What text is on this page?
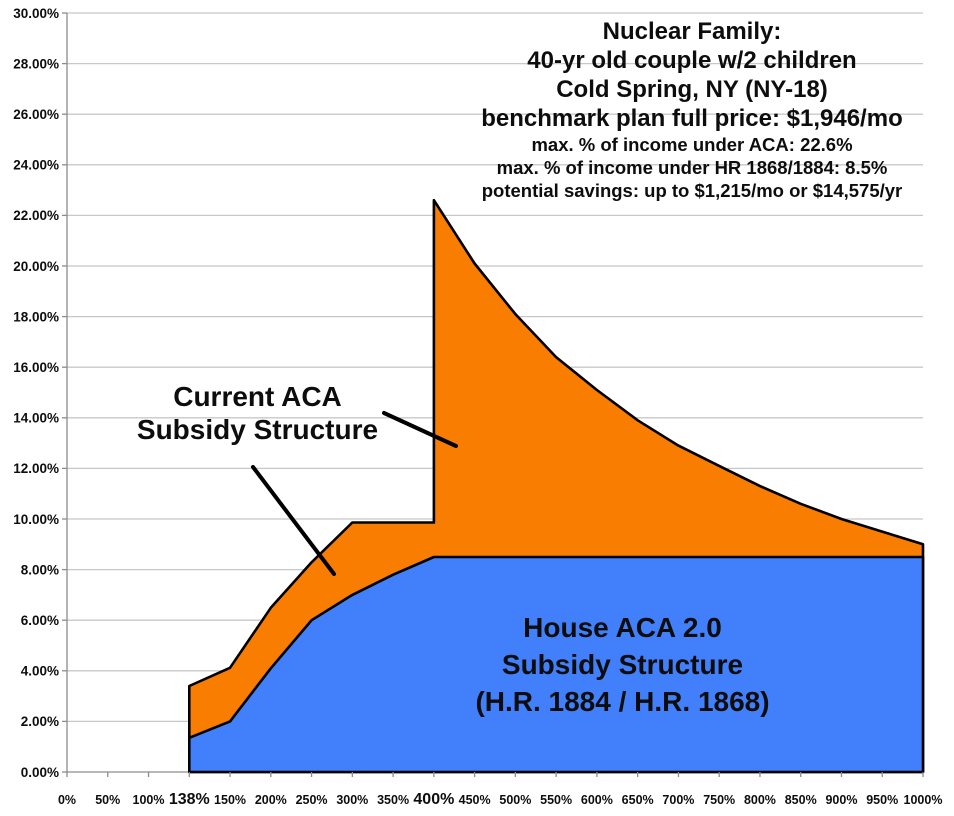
0.00%
2.00%
4.00%
6.00%
8.00%
10.00%
12.00%
14.00%
16.00%
18.00%
20.00%
22.00%
24.00%
26.00%
28.00%
30.00%
0% 50% 100% 138% 150% 200% 250% 300% 350% 400% 450% 500% 550% 600% 650% 700% 750% 800% 850% 900% 950% 1000%
Nuclear Family:
40-yr old couple w/2 children
Cold Spring, NY (NY-18)
benchmark plan full price: $1,946/mo
max. % of income under ACA: 22.6%
max. % of income under HR 1868/1884: 8.5%
potential savings: up to $1,215/mo or $14,575/yr
Current ACA
Subsidy Structure
House ACA 2.0
Subsidy Structure
(H.R. 1884 / H.R. 1868)
